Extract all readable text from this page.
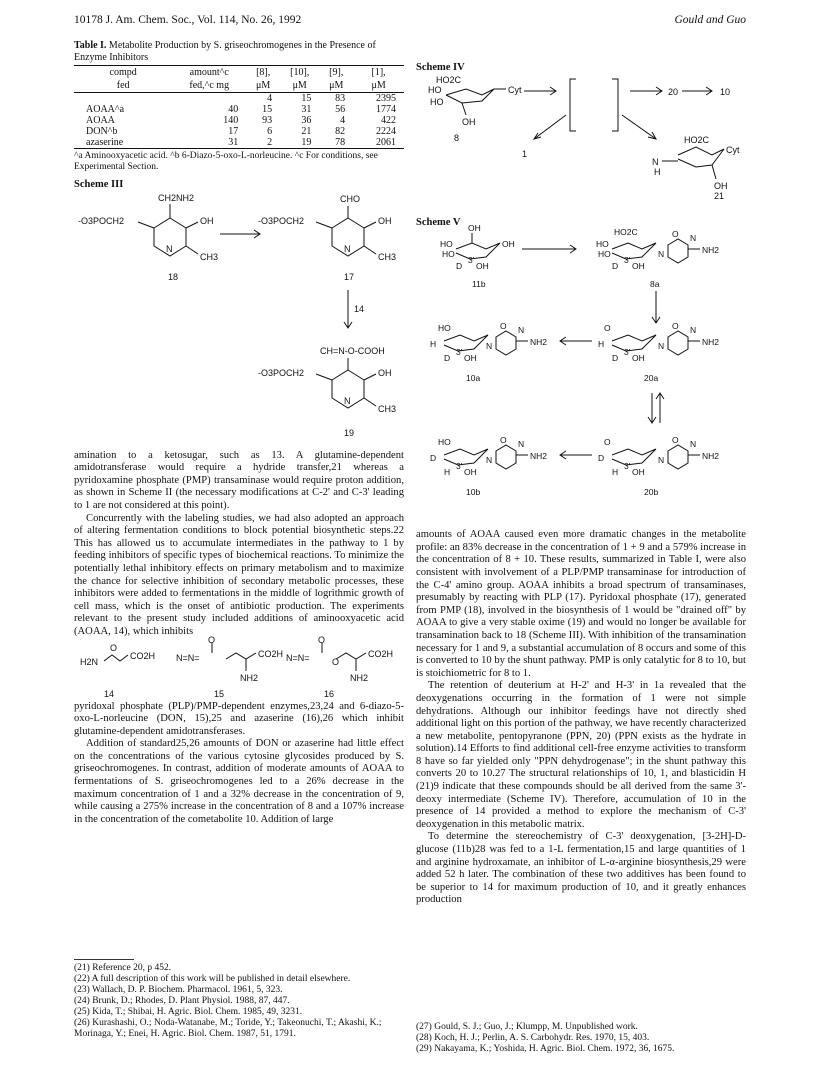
10178 J. Am. Chem. Soc., Vol. 114, No. 26, 1992	Gould and Guo
Table I. Metabolite Production by S. griseochromogenes in the Presence of Enzyme Inhibitors
compd	amount^c	[8],	[10],	[9],	[1],
fed	fed,^c mg	μM	μM	μM	μM
		4	15	83	2395
AOAA^a	40	15	31	56	1774
AOAA	140	93	36	4	422
DON^b	17	6	21	82	2224
azaserine	31	2	19	78	2061
^a Aminooxyacetic acid. ^b 6-Diazo-5-oxo-L-norleucine. ^c For conditions, see Experimental Section.
Scheme III
CH2NH2
OH
-O3POCH2
N
CH3
18
CHO
OH
-O3POCH2
N
CH3
17
14
CH=N-O-COOH
-O3POCH2	OH
N
CH3
19

amination to a ketosugar, such as 13. A glutamine-dependent amidotransferase would require a hydride transfer,21 whereas a pyridoxamine phosphate (PMP) transaminase would require proton addition, as shown in Scheme II (the necessary modifications at C-2' and C-3' leading to 1 are not considered at this point).

Concurrently with the labeling studies, we had also adopted an approach of altering fermentation conditions to block potential biosynthetic steps.22 This has allowed us to accumulate intermediates in the pathway to 1 by feeding inhibitors of specific types of biochemical reactions. To minimize the potentially lethal inhibitory effects on primary metabolism and to maximize the chance for selective inhibition of secondary metabolic processes, these inhibitors were added to fermentations in the middle of logrithmic growth of cell mass, which is the onset of antibiotic production. The experiments relevant to the present study included additions of aminooxyacetic acid (AOAA, 14), which inhibits

H2N
O
CO2H
O
N=N=	CO2H
NH2
O
N=N= O
CO2H
NH2
14	15	16

pyridoxal phosphate (PLP)/PMP-dependent enzymes,23,24 and 6-diazo-5-oxo-L-norleucine (DON, 15),25 and azaserine (16),26 which inhibit glutamine-dependent amidotransferases.

Addition of standard25,26 amounts of DON or azaserine had little effect on the concentrations of the various cytosine glycosides produced by S. griseochromogenes. In contrast, addition of moderate amounts of AOAA to fermentations of S. griseochromogenes led to a 26% decrease in the maximum concentration of 1 and a 32% decrease in the concentration of 9, while causing a 275% increase in the concentration of 8 and a 107% increase in the concentration of the cometabolite 10. Addition of large

(21) Reference 20, p 452.
(22) A full description of this work will be published in detail elsewhere.
(23) Wallach, D. P. Biochem. Pharmacol. 1961, 5, 323.
(24) Brunk, D.; Rhodes, D. Plant Physiol. 1988, 87, 447.
(25) Kida, T.; Shibai, H. Agric. Biol. Chem. 1985, 49, 3231.
(26) Kurashashi, O.; Noda-Watanabe, M.; Toride, Y.; Takeonuchi, T.; Akashi, K.; Morinaga, Y.; Enei, H. Agric. Biol. Chem. 1987, 51, 1791.
Scheme IV
HO2C
HO
HO
OH
Cyt
8
20	10
1
HO2C
N
H
Cyt
OH
21
Scheme V
OH
HO
HO
D
3'
OH
OH
11b
HO2C
HO
HO
D
3'
OH
N
O N
NH2
8a
HO
H
D
3'
OH
N
O N
NH2
10a
O
H
D
3'
OH
N
O N
NH2
20a
HO
D
H
3'
OH
N
O N
NH2
10b
O
D
H
3'
OH
N
O N
NH2
20b

amounts of AOAA caused even more dramatic changes in the metabolite profile: an 83% decrease in the concentration of 1 + 9 and a 579% increase in the concentration of 8 + 10. These results, summarized in Table I, were also consistent with involvement of a PLP/PMP transaminase for introduction of the C-4' amino group. AOAA inhibits a broad spectrum of transaminases, presumably by reacting with PLP (17). Pyridoxal phosphate (17), generated from PMP (18), involved in the biosynthesis of 1 would be "drained off" by AOAA to give a very stable oxime (19) and would no longer be available for transamination back to 18 (Scheme III). With inhibition of the transamination necessary for 1 and 9, a substantial accumulation of 8 occurs and some of this is converted to 10 by the shunt pathway. PMP is only catalytic for 8 to 10, but is stoichiometric for 8 to 1.

The retention of deuterium at H-2' and H-3' in 1a revealed that the deoxygenations occurring in the formation of 1 were not simple dehydrations. Although our inhibitor feedings have not directly shed additional light on this portion of the pathway, we have recently characterized a new metabolite, pentopyranone (PPN, 20) (PPN exists as the hydrate in solution).14 Efforts to find additional cell-free enzyme activities to transform 8 have so far yielded only "PPN dehydrogenase"; in the shunt pathway this converts 20 to 10.27 The structural relationships of 10, 1, and blasticidin H (21)9 indicate that these compounds should be all derived from the same 3'-deoxy intermediate (Scheme IV). Therefore, accumulation of 10 in the presence of 14 provided a method to explore the mechanism of C-3' deoxygenation in this metabolic matrix.

To determine the stereochemistry of C-3' deoxygenation, [3-2H]-D-glucose (11b)28 was fed to a 1-L fermentation,15 and large quantities of 1 and arginine hydroxamate, an inhibitor of L-α-arginine biosynthesis,29 were added 52 h later. The combination of these two additives has been found to be superior to 14 for maximum production of 10, and it greatly enhances production

(27) Gould, S. J.; Guo, J.; Klumpp, M. Unpublished work.
(28) Koch, H. J.; Perlin, A. S. Carbohydr. Res. 1970, 15, 403.
(29) Nakayama, K.; Yoshida, H. Agric. Biol. Chem. 1972, 36, 1675.
